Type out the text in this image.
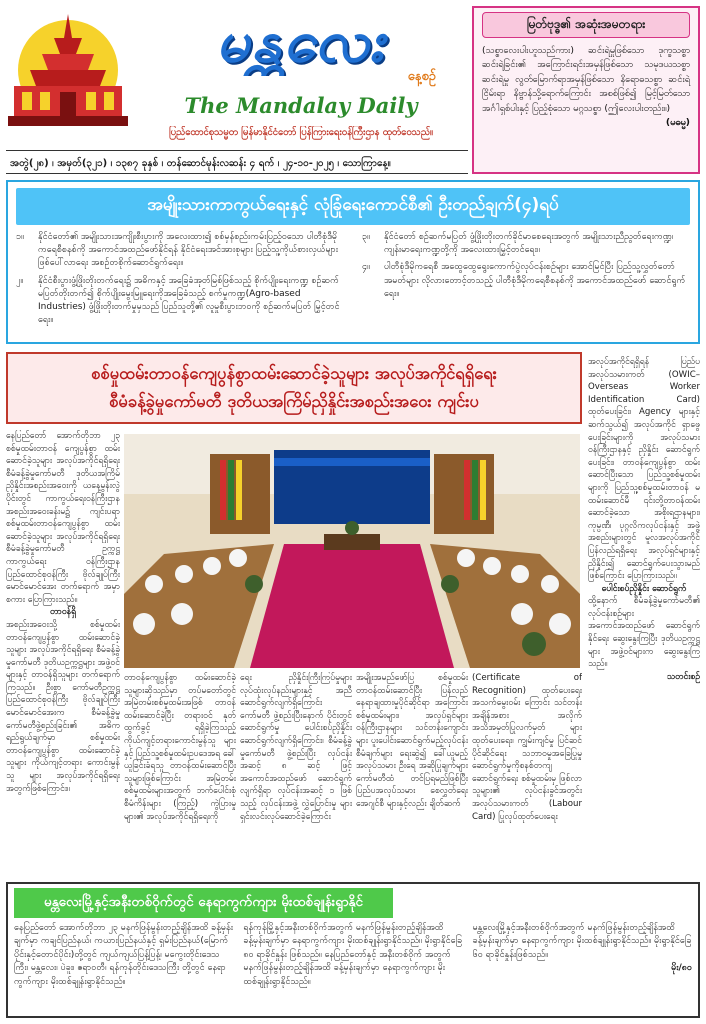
မန္တလေး
နေ့စဉ်
The Mandalay Daily
ပြည်ထောင်စုသမ္မတ မြန်မာနိုင်ငံတော် ပြန်ကြားရေးဝန်ကြီးဌာန ထုတ်ဝေသည်။
မြတ်ဗုဒ္ဓ၏ အဆုံးအမတရား
(သစ္စာလေးပါးဟူသည်ကား) ဆင်းရဲမှုဖြစ်သော ဒုက္ခသစ္စာ ဆင်းရဲခြင်း၏ အကြောင်းရင်းအမှန်ဖြစ်သော သမုဒယသစ္စာ ဆင်းရဲမှု လွတ်မြောက်ရာအမှန်ဖြစ်သော နိရောဓသစ္စာ ဆင်းရဲငြိမ်းရာ နိဗ္ဗာန်သို့ရောက်ကြောင်း အစစ်ဖြစ်၍ မြင့်မြတ်သော အင်္ဂါရှစ်ပါးနှင့် ပြည့်စုံသော မဂ္ဂသစ္စာ (ဤလေးပါးတည်း။)
(မဓမ္မ)
အတွဲ(၂၈) ၊ အမှတ်(၃၂၁) ၊ ၁၃၈၇ ခုနှစ် ၊ တန်ဆောင်မုန်းလဆန်း ၄ ရက် ၊ ၂၄-၁၀-၂၀၂၅ ၊ သောကြာနေ့။
အမျိုးသားကာကွယ်ရေးနှင့် လုံခြုံရေးကောင်စီ၏ ဦးတည်ချက်(၄)ရပ်
၁။	နိုင်ငံတော်၏ အမျိုးသားအကျိုးစီးပွားကို အလေးထား၍ စစ်မှန်စည်းကမ်းပြည့်ဝသော ပါတီစုံဒီမိုကရေစီစနစ်ကို အကောင်အထည်ဖော်နိုင်ရန် နိုင်ငံရေးအင်အားစုများ ပြည့်သူ့ကိုယ်စားလှယ်များဖြစ်ပေါ်လာရေး အစဉ်တစိုက်ဆောင်ရွက်ရေး။
၂။	နိုင်ငံစီးပွားဖွံ့ဖြိုးတိုးတက်ရေး၌ အဓိကနှင့် အခြေခံအုတ်မြစ်ဖြစ်သည့် စိုက်ပျိုးရေးကဏ္ဍ စဉ်ဆက်မပြတ်တိုးတက်၍ စိုက်ပျိုးမွေးမြူရေးကိုအခြေခံသည့် စက်မှုကဏ္ဍ(Agro-based Industries) ဖွံ့ဖြိုးတိုးတက်မှုမှသည် ပြည်သူတို့၏ လူမှုစီးပွားဘဝကို စဉ်ဆက်မပြတ် မြှင့်တင်ရေး။
၃။	နိုင်ငံတော် စဉ်ဆက်မပြတ် ဖွံ့ဖြိုးတိုးတက်ခိုင်မာစေရေးအတွက် အမျိုးသားညီညွတ်ရေးကဏ္ဍ၊ ကျန်းမာရေးကဏ္ဍတို့ကို အလေးထားမြှင့်တင်ရေး။
၄။	ပါတီစုံဒီမိုကရေစီ အထွေထွေရွေးကောက်ပွဲလုပ်ငန်းစဉ်များ အောင်မြင်ပြီး ပြည်သူ့လွှတ်တော်အမတ်များ လိုလားတောင့်တသည့် ပါတီစုံဒီမိုကရေစီစနစ်ကို အကောင်အထည်ဖော် ဆောင်ရွက်ရေး။
စစ်မှုထမ်းတာဝန်ကျေပွန်စွာထမ်းဆောင်ခဲ့သူများ အလုပ်အကိုင်ရရှိရေး
စီမံခန့်ခွဲမှုကော်မတီ ဒုတိယအကြိမ်ညှိနှိုင်းအစည်းအဝေး ကျင်းပ
နေပြည်တော် အောက်တိုဘာ ၂၃ စစ်မှုထမ်းတာဝန် ကျေပွန်စွာ ထမ်းဆောင်ခဲ့သူများ အလုပ်အကိုင်ရရှိရေး စီမံခန့်ခွဲမှုကော်မတီ ဒုတိယအကြိမ် ညှိနှိုင်းအစည်းအဝေးကို ယနေ့မွန်းလွဲပိုင်းတွင် ကာကွယ်ရေးဝန်ကြီးဌာန အစည်းအဝေးခန်းမ၌ ကျင်းပရာ စစ်မှုထမ်းတာဝန်ကျေပွန်စွာ ထမ်းဆောင်ခဲ့သူများ အလုပ်အကိုင်ရရှိရေး စီမံခန့်ခွဲမှုကော်မတီ ဥက္ကဋ္ဌ ကာကွယ်ရေး ဝန်ကြီးဌာန ပြည်ထောင်စုဝန်ကြီး ဗိုလ်ချုပ်ကြီး မောင်မောင်အေး တက်ရောက် အမှာစကား ပြောကြားသည်။
တာဝန်ရှိ
အစည်းအဝေးသို့ စစ်မှုထမ်းတာဝန်ကျေပွန်စွာ ထမ်းဆောင်ခဲ့သူများ အလုပ်အကိုင်ရရှိရေး စီမံခန့်ခွဲမှုကော်မတီ ဒုတိယဥက္ကဋ္ဌများ အဖွဲ့ဝင်များနှင့် တာဝန်ရှိသူများ တက်ရောက်ကြသည်။ ဦးစွာ ကော်မတီဥက္ကဋ္ဌ ပြည်ထောင်စုဝန်ကြီး ဗိုလ်ချုပ်ကြီး မောင်မောင်အေးက စီမံခန့်ခွဲမှု ကော်မတီဖွဲ့စည်းခြင်း၏ အဓိကရည်ရွယ်ချက်မှာ စစ်မှုထမ်းတာဝန်ကျေပွန်စွာ ထမ်းဆောင်ခဲ့သူများ ကိုယ်ကျင့်တရား ကောင်းမွန်သူ များ အလုပ်အကိုင်ရရှိရေး အတွက်ဖြစ်ကြောင်း။
တာဝန်ကျေပွန်စွာ ထမ်းဆောင်ခဲ့ သူများဆိုသည်မှာ တပ်မတော်တွင် အမြဲတမ်းစစ်မှုထမ်းအဖြစ် တာဝန်ထမ်းဆောင်ခဲ့ပြီး တရားဝင် နုတ်ထွက်ခွင့် ရရှိခဲ့ကြသည့် ကိုယ်ကျင့်တရားကောင်းမွန်သူ များနှင့် ပြည်သူ့စစ်မှုထမ်းဥပဒေအရ ခေါ်ယူခြင်းခံရသူ တာဝန်ထမ်းဆောင်ပြီး သူများဖြစ်ကြောင်း အမြဲတမ်းစစ်မှုထမ်းများအတွက် ဘက်ပေါင်းစုံ စီမံကိန်းများ (ကြည့်) ကွဲပြားမှု များ၏ အလုပ်အကိုင်ရရှိရေးကို
ရေး ညှိနှိုင်းကြီးကြပ်မှုများ လုပ်ထုံးလုပ်နည်းများနှင့် အညီ ဆောင်ရွက်လျက်ရှိကြောင်း ကော်မတီ ဖွဲ့စည်းပြီးနောက် ပိုင်းတွင် ဆောင်ရွက်မှု ပေါင်းစပ်ညှိနှိုင်း ဆောင်ရွက်လျက်ရှိကြောင်း၊ စီမံခန့်ခွဲမှုကော်မတီ ဖွဲ့စည်းပြီး လုပ်ငန်းအဆင့် ၈ ဆင့် ဖြင့် အကောင်အထည်ဖော် ဆောင်ရွက်လျက်ရှိရာ လုပ်ငန်းအဆင့် ၁ ဖြစ်သည့် လုပ်ငန်းအဖွဲ့ လွှဲပြောင်းမှု များ ရှင်းလင်းလုပ်ဆောင်ခဲ့ကြောင်း
အမျိုးအမည်ဖော်ပြ စစ်မှုထမ်း တာဝန်ထမ်းဆောင်ပြီး ပြန်လည် နေရာချထားမှုပိုင်ဆိုင်ရာ အကြောင်း စစ်မှုထမ်းများ၊ အလုပ်ရှင်များ ဝန်ကြီးဌာနများ သင်တန်းကျောင်းများ ပူးပေါင်းဆောင်ရွက်မည့်လုပ်ငန်း စီမံချက်များ ရေးဆွဲ၍ ခေါ်ယူမည့် အလုပ်သမား ဦးရေ အဆိုပြုချက်များ ကော်မတီထံ တင်ပြရမည်ဖြစ်ပြီး ပြည်ပအလုပ်သမား စေလွှတ်ရေး အေဂျင်စီ များနှင့်လည်း ချိတ်ဆက်
(Certificate of Recognition) ထုတ်ပေးရေး အသက်မွေးဝမ်း ကြောင်း သင်တန်းအချိန်အစား အလိုက် အသိအမှတ်ပြုလက်မှတ် များ ထုတ်ပေးရေး၊ ကျွမ်းကျင်မှု ပြင်ဆင်ပိုင်ဆိုင်ရေး သဘာဝမှုအခြေပြုမှု ဆောင်ရွက်မှုကိုစနစ်တကျ ဆောင်ရွက်ရေး စစ်မှုထမ်းမှ ဖြစ်လာသူများ၏ လုပ်ငန်းခွင်အတွင်း အလုပ်သမားကတ် (Labour Card) ပြုလုပ်ထုတ်ပေးရေး
အလုပ်အကိုင်ရရှိရန် ပြည်ပ အလုပ်သမားကတ် (OWIC–Overseas Worker Identification Card) ထုတ်ပေးခြင်း၊ Agency များနှင့် ဆက်သွယ်၍ အလုပ်အကိုင် ရှာဖွေပေးခြင်းများကို အလုပ်သမား ဝန်ကြီးဌာနနှင့် ညှိနှိုင်း ဆောင်ရွက်ပေးခြင်း၊ တာဝန်ကျေပွန်စွာ ထမ်းဆောင်ပြီးသော ပြည်သူ့စစ်မှုထမ်းများကို ပြည်သူ့စစ်မှုထမ်းတာဝန် မထမ်းဆောင်မီ ၎င်းတို့တာဝန်ထမ်းဆောင်ခဲ့သော အစိုးရဌာနများ၊ ကုမ္ပဏီ၊ ပုဂ္ဂလိကလုပ်ငန်းနှင့် အဖွဲ့အစည်းများတွင် မူလအလုပ်အကိုင် ပြန်လည်ရရှိရေး အလုပ်ရှင်များနှင့် ညှိနှိုင်း၍ ဆောင်ရွက်ပေးသွားမည်ဖြစ်ကြောင်း ပြောကြားသည်။
ပေါင်းစပ်ညှိနှိုင်း ဆောင်ရွက်
ထို့နောက် စီမံခန့်ခွဲမှုကော်မတီ၏ လုပ်ငန်းစဉ်များ အကောင်အထည်ဖော် ဆောင်ရွက်နိုင်ရေး ဆွေးနွေးကြပြီး ဒုတိယဥက္ကဋ္ဌများ အဖွဲ့ဝင်များက ဆွေးနွေးကြသည်။
သတင်းစဉ်
မန္တလေးမြို့နှင့်အနီးတစ်ဝိုက်တွင် နေရာကွက်ကျား မိုးထစ်ချုန်းရွာနိုင်
နေပြည်တော် အောက်တိုဘာ ၂၃ မနက်ဖြန်မွန်းတည့်ချိန်အထိ ခန့်မှန်းချက်မှာ ကချင်ပြည်နယ်၊ ကယားပြည်နယ်နှင့် ရှမ်းပြည်နယ်(မြောက်ပိုင်းနှင့်တောင်ပိုင်း)တို့တွင် ကျယ်ကျယ်ပြန့်ပြန့်၊ မကွေးတိုင်းဒေသကြီး၊ မန္တလေး၊ ပဲခူး၊ ဧရာဝတီ၊ ရန်ကုန်တိုင်းဒေသကြီး တို့တွင် နေရာကွက်ကျား မိုးထစ်ချုန်းရွာနိုင်သည်။
ရန်ကုန်မြို့နှင့်အနီးတစ်ဝိုက်အတွက် မနက်ဖြန်မွန်းတည့်ချိန်အထိ ခန့်မှန်းချက်မှာ နေရာကွက်ကျား မိုးထစ်ချုန်းရွာနိုင်သည်။ မိုးရွာနိုင်ခြေ ၈၀ ရာခိုင်နှုန်း ဖြစ်သည်။ နေပြည်တော်နှင့် အနီးတစ်ဝိုက် အတွက် မနက်ဖြန်မွန်းတည့်ချိန်အထိ ခန့်မှန်းချက်မှာ နေရာကွက်ကျား မိုးထစ်ချုန်းရွာနိုင်သည်။
မန္တလေးမြို့နှင့်အနီးတစ်ဝိုက်အတွက် မနက်ဖြန်မွန်းတည့်ချိန်အထိ ခန့်မှန်းချက်မှာ နေရာကွက်ကျား မိုးထစ်ချုန်းရွာနိုင်သည်။ မိုးရွာနိုင်ခြေ ၆၀ ရာခိုင်နှုန်းဖြစ်သည်။
မိုး/၈၀
